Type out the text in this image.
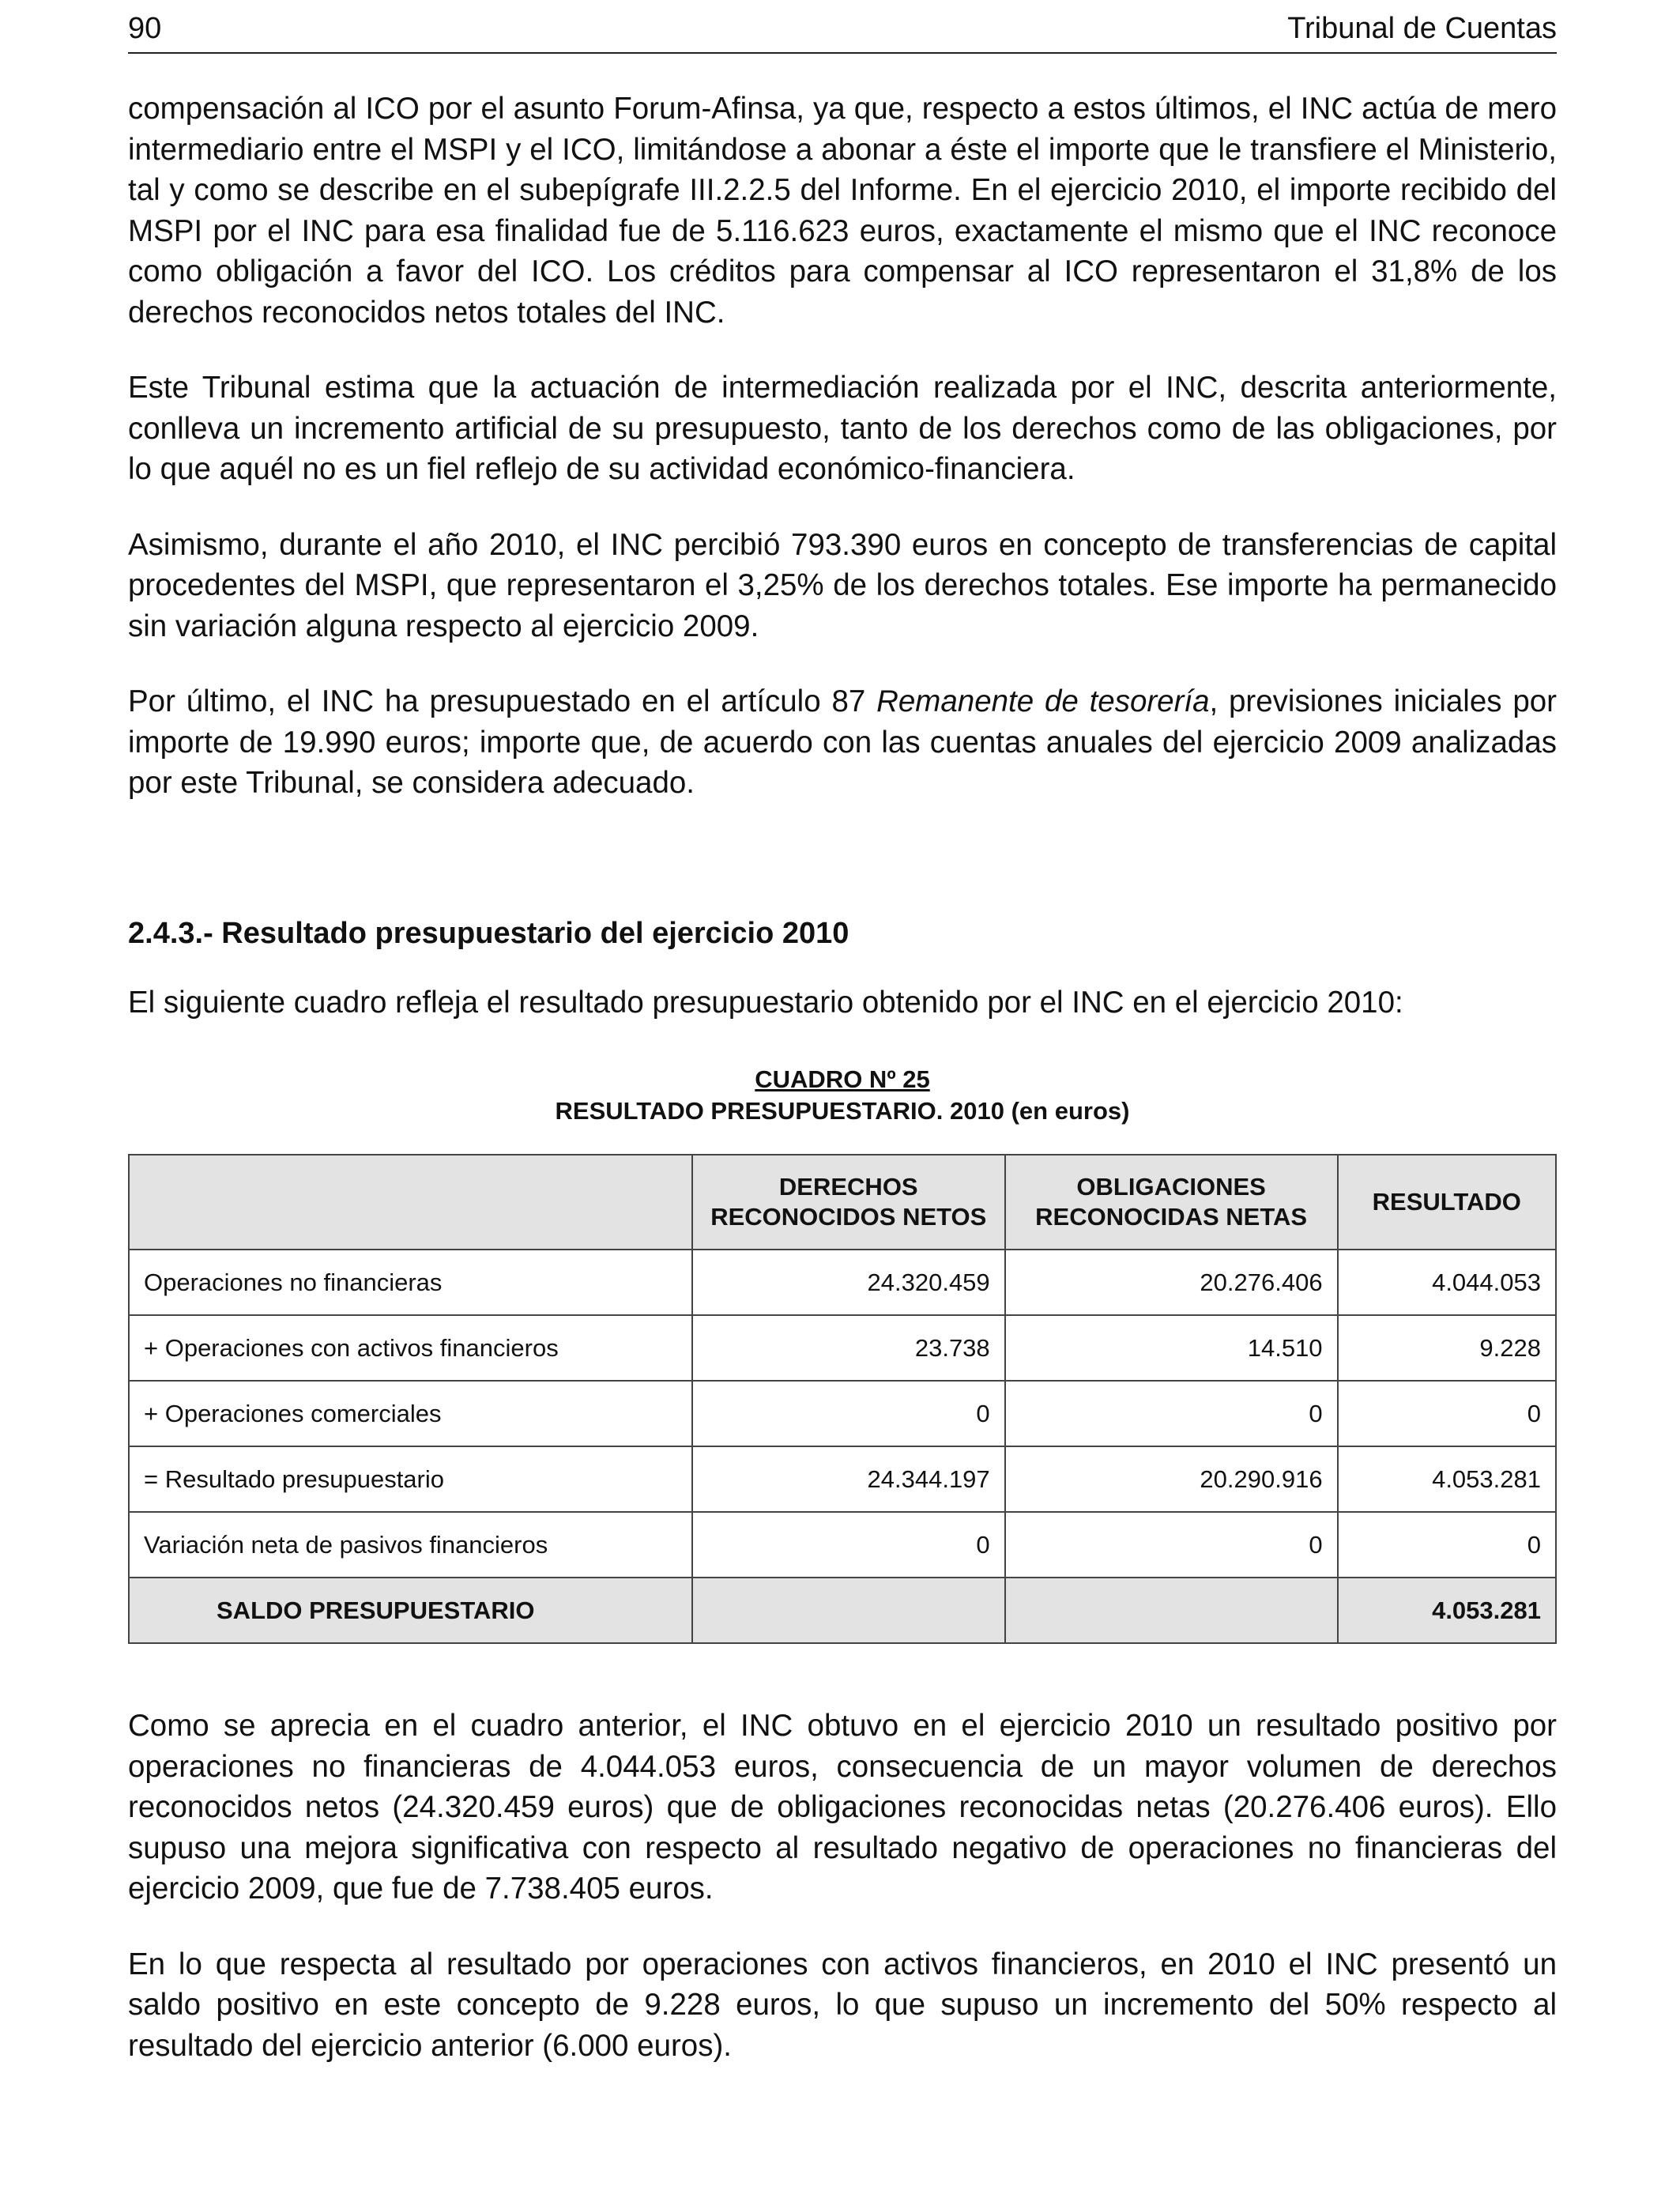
90	Tribunal de Cuentas

compensación al ICO por el asunto Forum-Afinsa, ya que, respecto a estos últimos, el INC actúa de mero intermediario entre el MSPI y el ICO, limitándose a abonar a éste el importe que le transfiere el Ministerio, tal y como se describe en el subepígrafe III.2.2.5 del Informe. En el ejercicio 2010, el importe recibido del MSPI por el INC para esa finalidad fue de 5.116.623 euros, exactamente el mismo que el INC reconoce como obligación a favor del ICO. Los créditos para compensar al ICO representaron el 31,8% de los derechos reconocidos netos totales del INC.

Este Tribunal estima que la actuación de intermediación realizada por el INC, descrita anteriormente, conlleva un incremento artificial de su presupuesto, tanto de los derechos como de las obligaciones, por lo que aquél no es un fiel reflejo de su actividad económico-financiera.

Asimismo, durante el año 2010, el INC percibió 793.390 euros en concepto de transferencias de capital procedentes del MSPI, que representaron el 3,25% de los derechos totales. Ese importe ha permanecido sin variación alguna respecto al ejercicio 2009.

Por último, el INC ha presupuestado en el artículo 87 Remanente de tesorería, previsiones iniciales por importe de 19.990 euros; importe que, de acuerdo con las cuentas anuales del ejercicio 2009 analizadas por este Tribunal, se considera adecuado.

2.4.3.- Resultado presupuestario del ejercicio 2010

El siguiente cuadro refleja el resultado presupuestario obtenido por el INC en el ejercicio 2010:

CUADRO Nº 25
RESULTADO PRESUPUESTARIO. 2010 (en euros)
	DERECHOS RECONOCIDOS NETOS	OBLIGACIONES RECONOCIDAS NETAS	RESULTADO
Operaciones no financieras	24.320.459	20.276.406	4.044.053
+ Operaciones con activos financieros	23.738	14.510	9.228
+ Operaciones comerciales	0	0	0
= Resultado presupuestario	24.344.197	20.290.916	4.053.281
Variación neta de pasivos financieros	0	0	0
SALDO PRESUPUESTARIO			4.053.281

Como se aprecia en el cuadro anterior, el INC obtuvo en el ejercicio 2010 un resultado positivo por operaciones no financieras de 4.044.053 euros, consecuencia de un mayor volumen de derechos reconocidos netos (24.320.459 euros) que de obligaciones reconocidas netas (20.276.406 euros). Ello supuso una mejora significativa con respecto al resultado negativo de operaciones no financieras del ejercicio 2009, que fue de 7.738.405 euros.

En lo que respecta al resultado por operaciones con activos financieros, en 2010 el INC presentó un saldo positivo en este concepto de 9.228 euros, lo que supuso un incremento del 50% respecto al resultado del ejercicio anterior (6.000 euros).
